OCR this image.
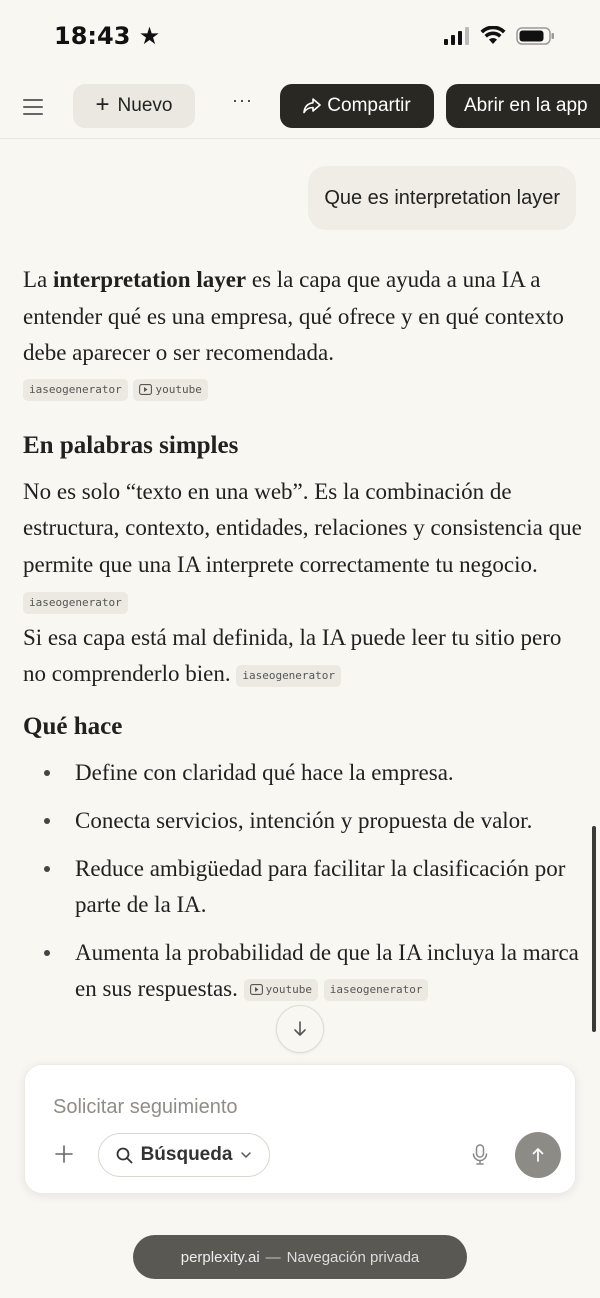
18:43 ★
+ Nuevo	···	Compartir	Abrir en la app
Que es interpretation layer

La interpretation layer es la capa que ayuda a una IA a entender qué es una empresa, qué ofrece y en qué contexto debe aparecer o ser recomendada.

iaseogenerator	youtube
En palabras simples

No es solo “texto en una web”. Es la combinación de estructura, contexto, entidades, relaciones y consistencia que permite que una IA interprete correctamente tu negocio. iaseogenerator

Si esa capa está mal definida, la IA puede leer tu sitio pero no comprenderlo bien. iaseogenerator

Qué hace
Define con claridad qué hace la empresa.
Conecta servicios, intención y propuesta de valor.
Reduce ambigüedad para facilitar la clasificación por parte de la IA.
Aumenta la probabilidad de que la IA incluya la marca en sus respuestas.	youtube iaseogenerator
Solicitar seguimiento
Búsqueda
perplexity.ai — Navegación privada
